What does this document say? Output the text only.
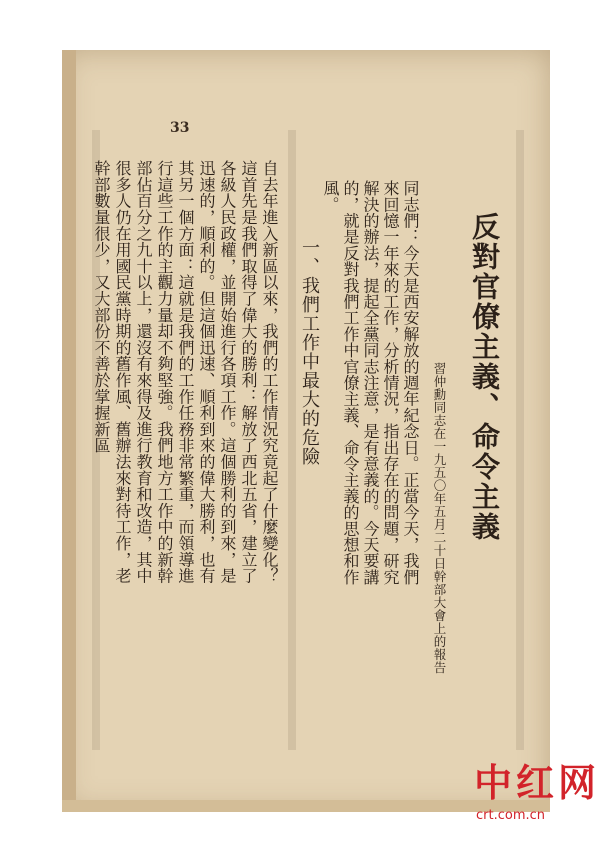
33
反對官僚主義、命令主義
習仲勳同志在一九五〇年五月二十日幹部大會上的報告
同志們：今天是西安解放的週年紀念日。正當今天，我們來回憶一年來的工作，分析情況，指出存在的問題，研究解決的辦法，提起全黨同志注意，是有意義的。今天要講的，就是反對我們工作中官僚主義、命令主義的思想和作風。
一、我們工作中最大的危險
自去年進入新區以來，我們的工作情況究竟起了什麼變化？這首先是我們取得了偉大的勝利：解放了西北五省，建立了各級人民政權，並開始進行各項工作。這個勝利的到來，是迅速的，順利的。但這個迅速、順利到來的偉大勝利，也有其另一個方面：這就是我們的工作任務非常繁重，而領導進行這些工作的主觀力量却不夠堅強。我們地方工作中的新幹部佔百分之九十以上，還沒有來得及進行教育和改造，其中很多人仍在用國民黨時期的舊作風、舊辦法來對待工作，老幹部數量很少，又大部份不善於掌握新區
中红网
crt.com.cn
